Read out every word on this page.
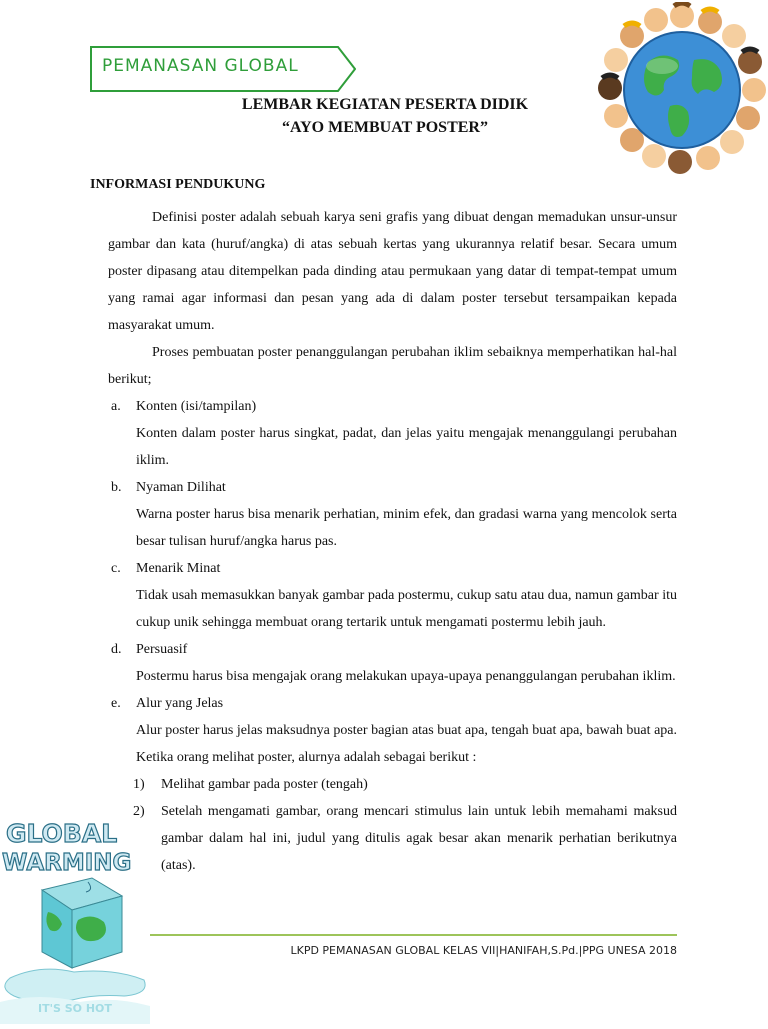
PEMANASAN GLOBAL
LEMBAR KEGIATAN PESERTA DIDIK
“AYO MEMBUAT POSTER”
INFORMASI PENDUKUNG

Definisi poster adalah sebuah karya seni grafis yang dibuat dengan memadukan unsur-unsur gambar dan kata (huruf/angka) di atas sebuah kertas yang ukurannya relatif besar. Secara umum poster dipasang atau ditempelkan pada dinding atau permukaan yang datar di tempat-tempat umum yang ramai agar informasi dan pesan yang ada di dalam poster tersebut tersampaikan kepada masyarakat umum.

Proses pembuatan poster penanggulangan perubahan iklim sebaiknya memperhatikan hal-hal berikut;

a. Konten (isi/tampilan)

Konten dalam poster harus singkat, padat, dan jelas yaitu mengajak menanggulangi perubahan iklim.

b. Nyaman Dilihat

Warna poster harus bisa menarik perhatian, minim efek, dan gradasi warna yang mencolok serta besar tulisan huruf/angka harus pas.

c. Menarik Minat

Tidak usah memasukkan banyak gambar pada postermu, cukup satu atau dua, namun gambar itu cukup unik sehingga membuat orang tertarik untuk mengamati postermu lebih jauh.

d. Persuasif

Postermu harus bisa mengajak orang melakukan upaya-upaya penanggulangan perubahan iklim.

e. Alur yang Jelas

Alur poster harus jelas maksudnya poster bagian atas buat apa, tengah buat apa, bawah buat apa. Ketika orang melihat poster, alurnya adalah sebagai berikut :

1) Melihat gambar pada poster (tengah)
2) Setelah mengamati gambar, orang mencari stimulus lain untuk lebih memahami maksud gambar dalam hal ini, judul yang ditulis agak besar akan menarik perhatian berikutnya (atas).
GLOBAL
WARMING
IT'S SO HOT
LKPD PEMANASAN GLOBAL KELAS VII|HANIFAH,S.Pd.|PPG UNESA 2018
